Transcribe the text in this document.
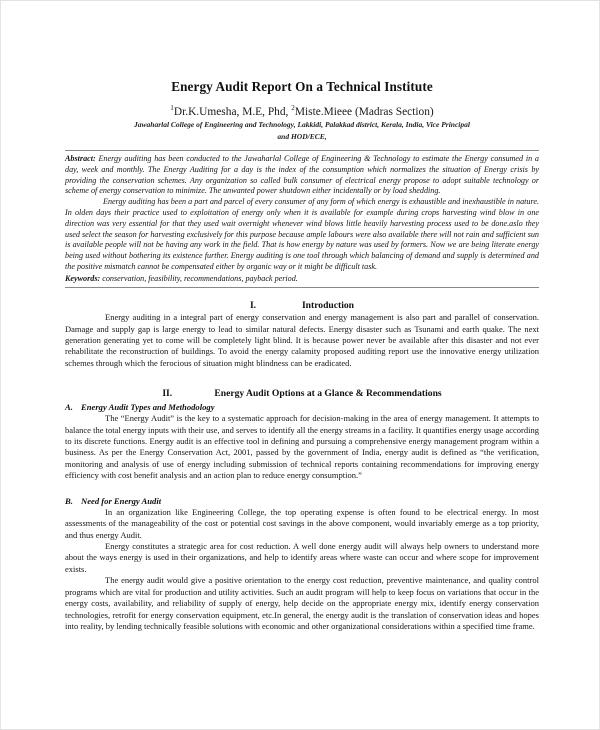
Energy Audit Report On a Technical Institute

$^1$Dr.K.Umesha, M.E, Phd, $^2$Miste.Mieee (Madras Section)

Jawaharlal College of Engineering and Technology, Lakkidi, Palakkad district, Kerala, India, Vice Principal

and HOD/ECE,

Abstract: Energy auditing has been conducted to the Jawaharlal College of Engineering & Technology to estimate the Energy consumed in a day, week and monthly. The Energy Auditing for a day is the index of the consumption which normalizes the situation of Energy crisis by providing the conservation schemes. Any organization so called bulk consumer of electrical energy propose to adopt suitable technology or scheme of energy conservation to minimize. The unwanted power shutdown either incidentally or by load shedding.

Energy auditing has been a part and parcel of every consumer of any form of which energy is exhaustible and inexhaustible in nature. In olden days their practice used to exploitation of energy only when it is available for example during crops harvesting wind blow in one direction was very essential for that they used wait overnight whenever wind blows little heavily harvesting process used to be done.aslo they used select the season for harvesting exclusively for this purpose because ample labours were also available there will not rain and sufficient sun is available people will not be having any work in the field. That is how energy by nature was used by formers. Now we are being literate energy being used without bothering its existence further. Energy auditing is one tool through which balancing of demand and supply is determined and the positive mismatch cannot be compensated either by organic way or it might be difficult task.

Keywords: conservation, feasibility, recommendations, payback period.

I.	Introduction

Energy auditing in a integral part of energy conservation and energy management is also part and parallel of conservation. Damage and supply gap is large energy to lead to similar natural defects. Energy disaster such as Tsunami and earth quake. The next generation generating yet to come will be completely light blind. It is because power never be available after this disaster and not ever rehabilitate the reconstruction of buildings. To avoid the energy calamity proposed auditing report use the innovative energy utilization schemes through which the ferocious of situation might blindness can be eradicated.

II.	Energy Audit Options at a Glance & Recommendations
A. Energy Audit Types and Methodology

The “Energy Audit” is the key to a systematic approach for decision-making in the area of energy management. It attempts to balance the total energy inputs with their use, and serves to identify all the energy streams in a facility. It quantifies energy usage according to its discrete functions. Energy audit is an effective tool in defining and pursuing a comprehensive energy management program within a business. As per the Energy Conservation Act, 2001, passed by the government of India, energy audit is defined as “the verification, monitoring and analysis of use of energy including submission of technical reports containing recommendations for improving energy efficiency with cost benefit analysis and an action plan to reduce energy consumption.”

B. Need for Energy Audit

In an organization like Engineering College, the top operating expense is often found to be electrical energy. In most assessments of the manageability of the cost or potential cost savings in the above component, would invariably emerge as a top priority, and thus energy Audit.

Energy constitutes a strategic area for cost reduction. A well done energy audit will always help owners to understand more about the ways energy is used in their organizations, and help to identify areas where waste can occur and where scope for improvement exists.

The energy audit would give a positive orientation to the energy cost reduction, preventive maintenance, and quality control programs which are vital for production and utility activities. Such an audit program will help to keep focus on variations that occur in the energy costs, availability, and reliability of supply of energy, help decide on the appropriate energy mix, identify energy conservation technologies, retrofit for energy conservation equipment, etc.In general, the energy audit is the translation of conservation ideas and hopes into reality, by lending technically feasible solutions with economic and other organizational considerations within a specified time frame.
